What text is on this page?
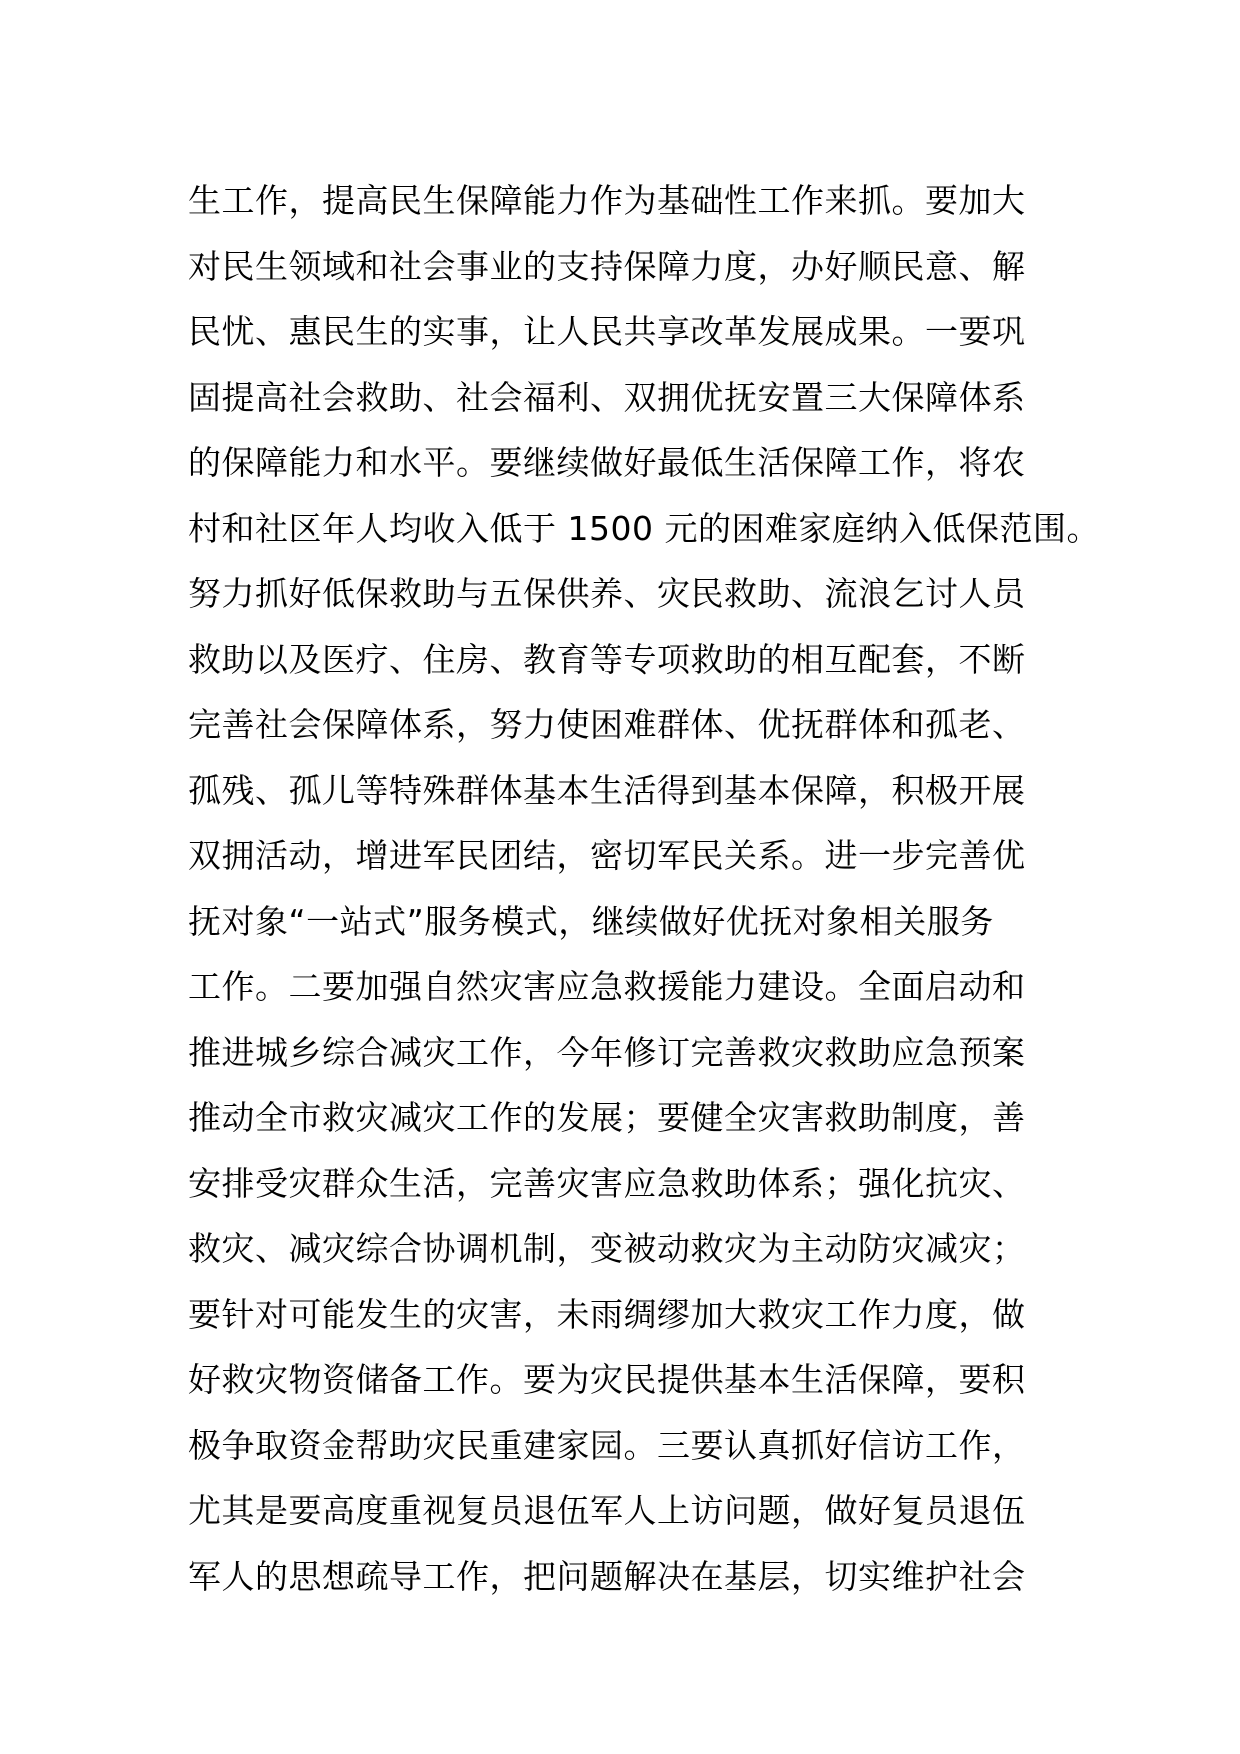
生工作，提高民生保障能力作为基础性工作来抓。要加大
对民生领域和社会事业的支持保障力度，办好顺民意、解
民忧、惠民生的实事，让人民共享改革发展成果。一要巩
固提高社会救助、社会福利、双拥优抚安置三大保障体系
的保障能力和水平。要继续做好最低生活保障工作，将农
村和社区年人均收入低于 1500 元的困难家庭纳入低保范围。
努力抓好低保救助与五保供养、灾民救助、流浪乞讨人员
救助以及医疗、住房、教育等专项救助的相互配套，不断
完善社会保障体系，努力使困难群体、优抚群体和孤老、
孤残、孤儿等特殊群体基本生活得到基本保障，积极开展
双拥活动，增进军民团结，密切军民关系。进一步完善优
抚对象“一站式”服务模式，继续做好优抚对象相关服务
工作。二要加强自然灾害应急救援能力建设。全面启动和
推进城乡综合减灾工作，今年修订完善救灾救助应急预案
推动全市救灾减灾工作的发展；要健全灾害救助制度，善
安排受灾群众生活，完善灾害应急救助体系；强化抗灾、
救灾、减灾综合协调机制，变被动救灾为主动防灾减灾；
要针对可能发生的灾害，未雨绸缪加大救灾工作力度，做
好救灾物资储备工作。要为灾民提供基本生活保障，要积
极争取资金帮助灾民重建家园。三要认真抓好信访工作，
尤其是要高度重视复员退伍军人上访问题，做好复员退伍
军人的思想疏导工作，把问题解决在基层，切实维护社会
